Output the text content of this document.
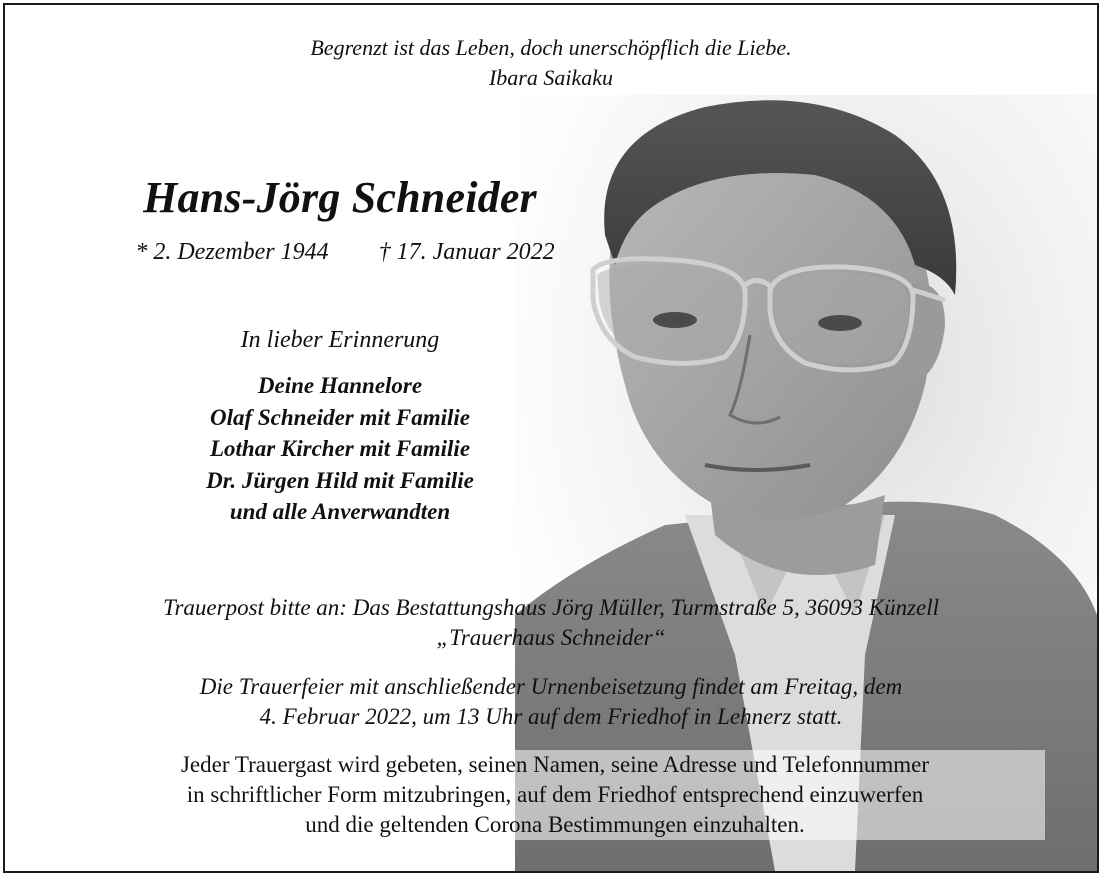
Begrenzt ist das Leben, doch unerschöpflich die Liebe.
Ibara Saikaku
Hans-Jörg Schneider
* 2. Dezember 1944 † 17. Januar 2022
In lieber Erinnerung
Deine Hannelore
Olaf Schneider mit Familie
Lothar Kircher mit Familie
Dr. Jürgen Hild mit Familie
und alle Anverwandten
Trauerpost bitte an: Das Bestattungshaus Jörg Müller, Turmstraße 5, 36093 Künzell
„Trauerhaus Schneider“
Die Trauerfeier mit anschließender Urnenbeisetzung findet am Freitag, dem
4. Februar 2022, um 13 Uhr auf dem Friedhof in Lehnerz statt.
Jeder Trauergast wird gebeten, seinen Namen, seine Adresse und Telefonnummer
in schriftlicher Form mitzubringen, auf dem Friedhof entsprechend einzuwerfen
und die geltenden Corona Bestimmungen einzuhalten.
